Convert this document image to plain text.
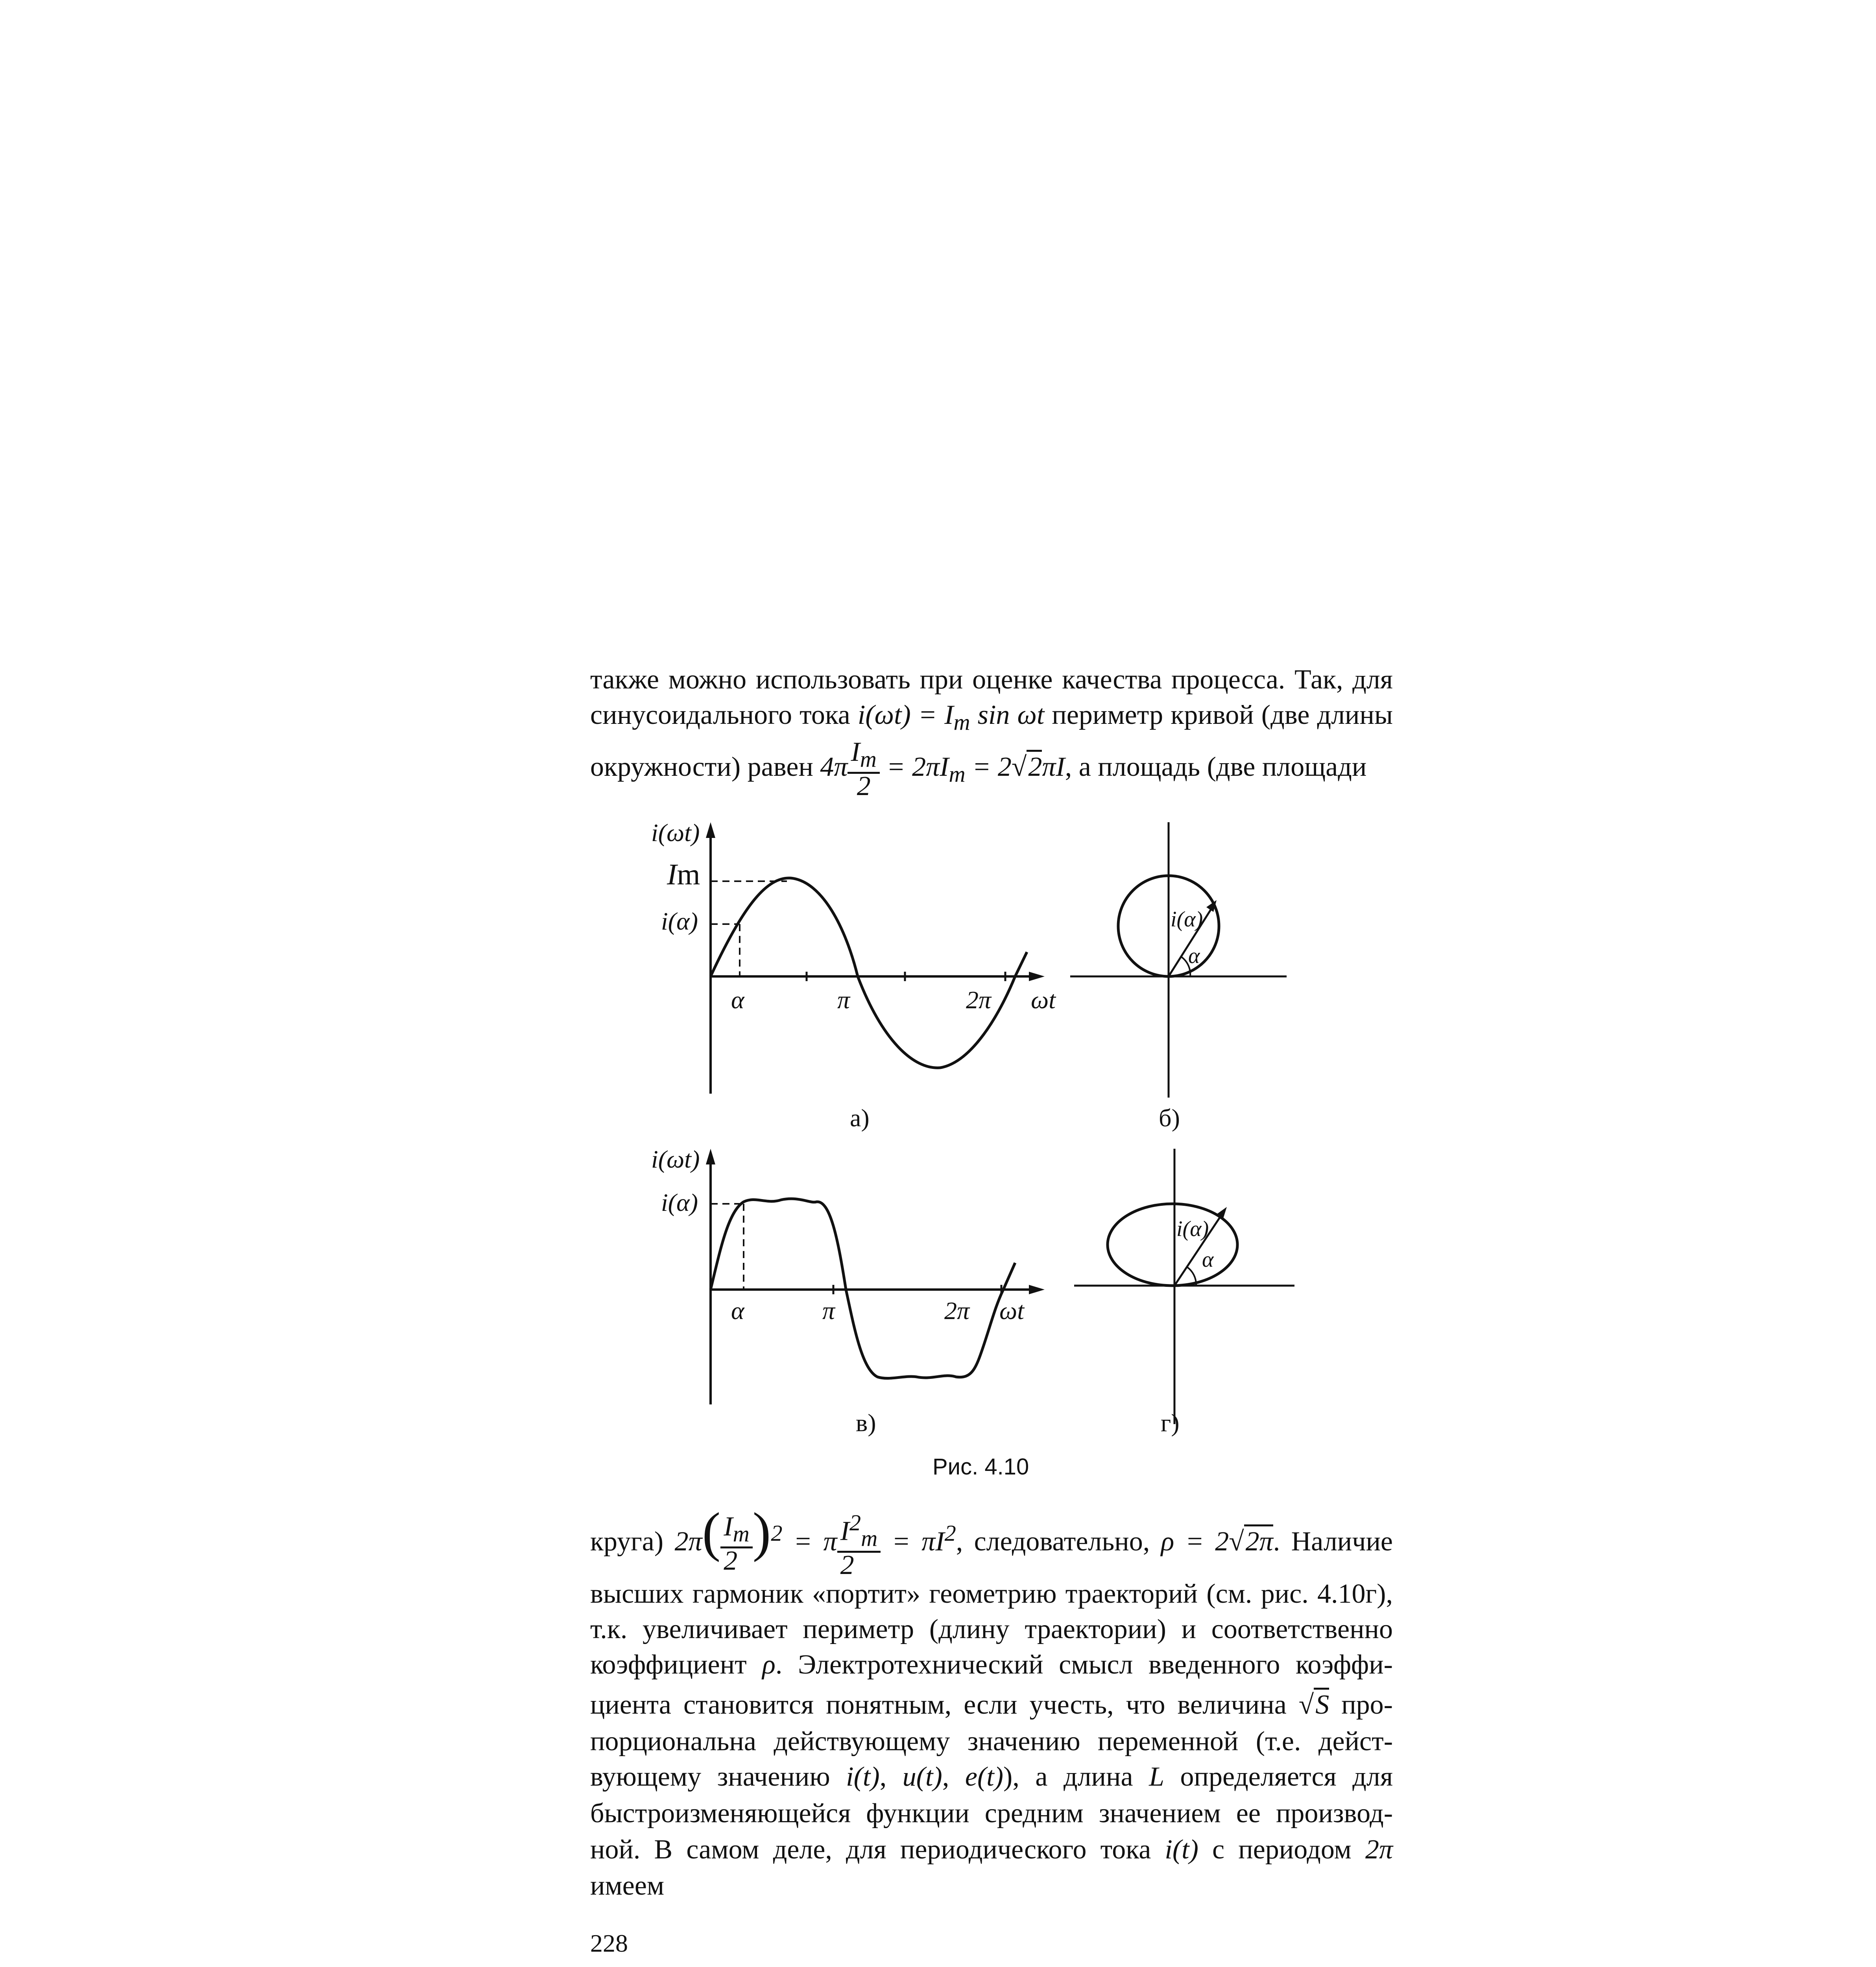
также можно использовать при оценке качества процесса. Так, для
синусоидального тока $i(\omega t) = I_m$ sin ωt периметр кривой (две длины
окружности) равен $4\pi \frac{I_m}{2} = 2\pi I_m = 2√2\pi I$, а площадь (две площади
i(ωt)
Im
i(α)
α	π	2π ωt
а)
i(α)
α
б)
i(ωt)
i(α)
α	π	2π ωt
в)
i(α)
α
г)
Рис. 4.10
круга) $2\pi( \frac{I_m}{2} )^2 = \pi \frac{I^2_m}{2} = \pi I^2$, следовательно, ρ = 2√2π. Наличие
высших гармоник «портит» геометрию траекторий (см. рис. 4.10г),
т.к. увеличивает периметр (длину траектории) и соответственно
коэффициент ρ. Электротехнический смысл введенного коэффи-
циента становится понятным, если учесть, что величина √S про-
порциональна действующему значению переменной (т.е. дейст-
вующему значению i(t), u(t), e(t)), а длина L определяется для
быстроизменяющейся функции средним значением ее производ-
ной. В самом деле, для периодического тока i(t) с периодом 2π
имеем
228
